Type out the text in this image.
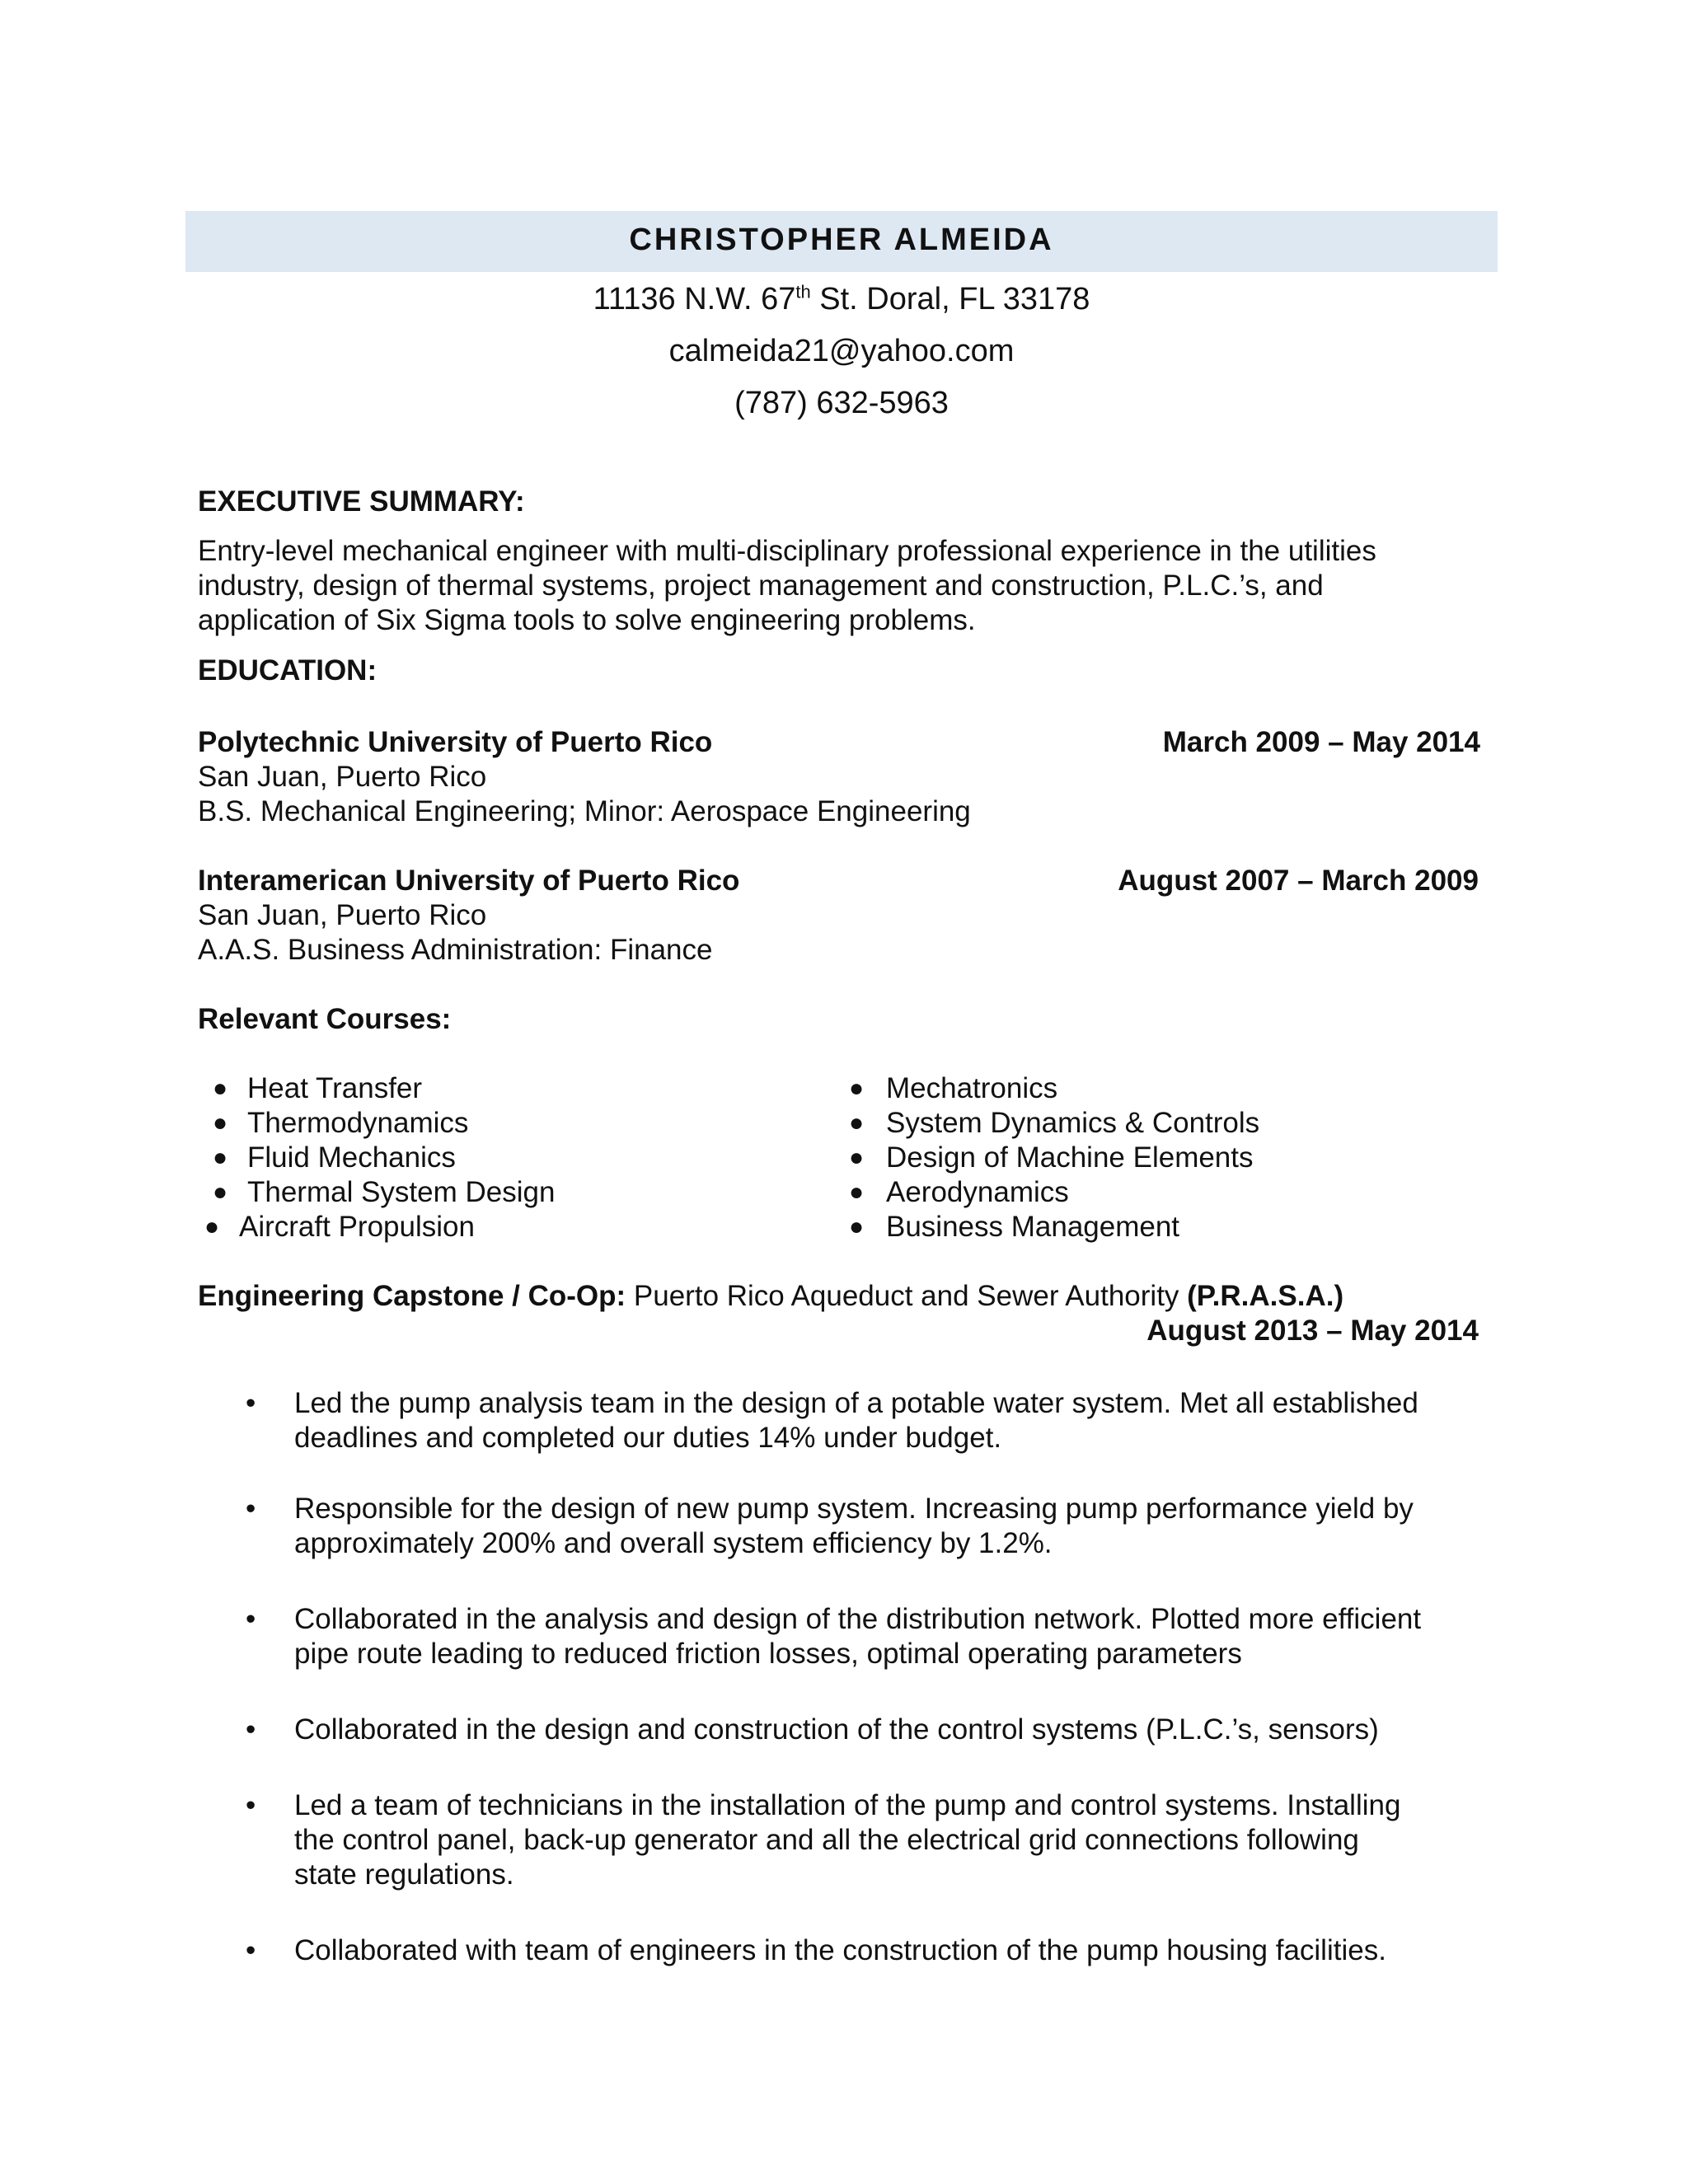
CHRISTOPHER ALMEIDA
11136 N.W. 67th St. Doral, FL 33178
calmeida21@yahoo.com
(787) 632-5963
EXECUTIVE SUMMARY:
Entry-level mechanical engineer with multi-disciplinary professional experience in the utilities
industry, design of thermal systems, project management and construction, P.L.C.’s, and
application of Six Sigma tools to solve engineering problems.
EDUCATION:
Polytechnic University of Puerto Rico	March 2009 – May 2014
San Juan, Puerto Rico
B.S. Mechanical Engineering; Minor: Aerospace Engineering
Interamerican University of Puerto Rico	August 2007 – March 2009
San Juan, Puerto Rico
A.A.S. Business Administration: Finance
Relevant Courses:
● Heat Transfer
● Thermodynamics
● Fluid Mechanics
● Thermal System Design
● Aircraft Propulsion
● Mechatronics
● System Dynamics & Controls
● Design of Machine Elements
● Aerodynamics
● Business Management
Engineering Capstone / Co-Op: Puerto Rico Aqueduct and Sewer Authority (P.R.A.S.A.)
August 2013 – May 2014
• Led the pump analysis team in the design of a potable water system. Met all established
deadlines and completed our duties 14% under budget.
• Responsible for the design of new pump system. Increasing pump performance yield by
approximately 200% and overall system efficiency by 1.2%.
• Collaborated in the analysis and design of the distribution network. Plotted more efficient
pipe route leading to reduced friction losses, optimal operating parameters
• Collaborated in the design and construction of the control systems (P.L.C.’s, sensors)
• Led a team of technicians in the installation of the pump and control systems. Installing
the control panel, back-up generator and all the electrical grid connections following
state regulations.
• Collaborated with team of engineers in the construction of the pump housing facilities.
